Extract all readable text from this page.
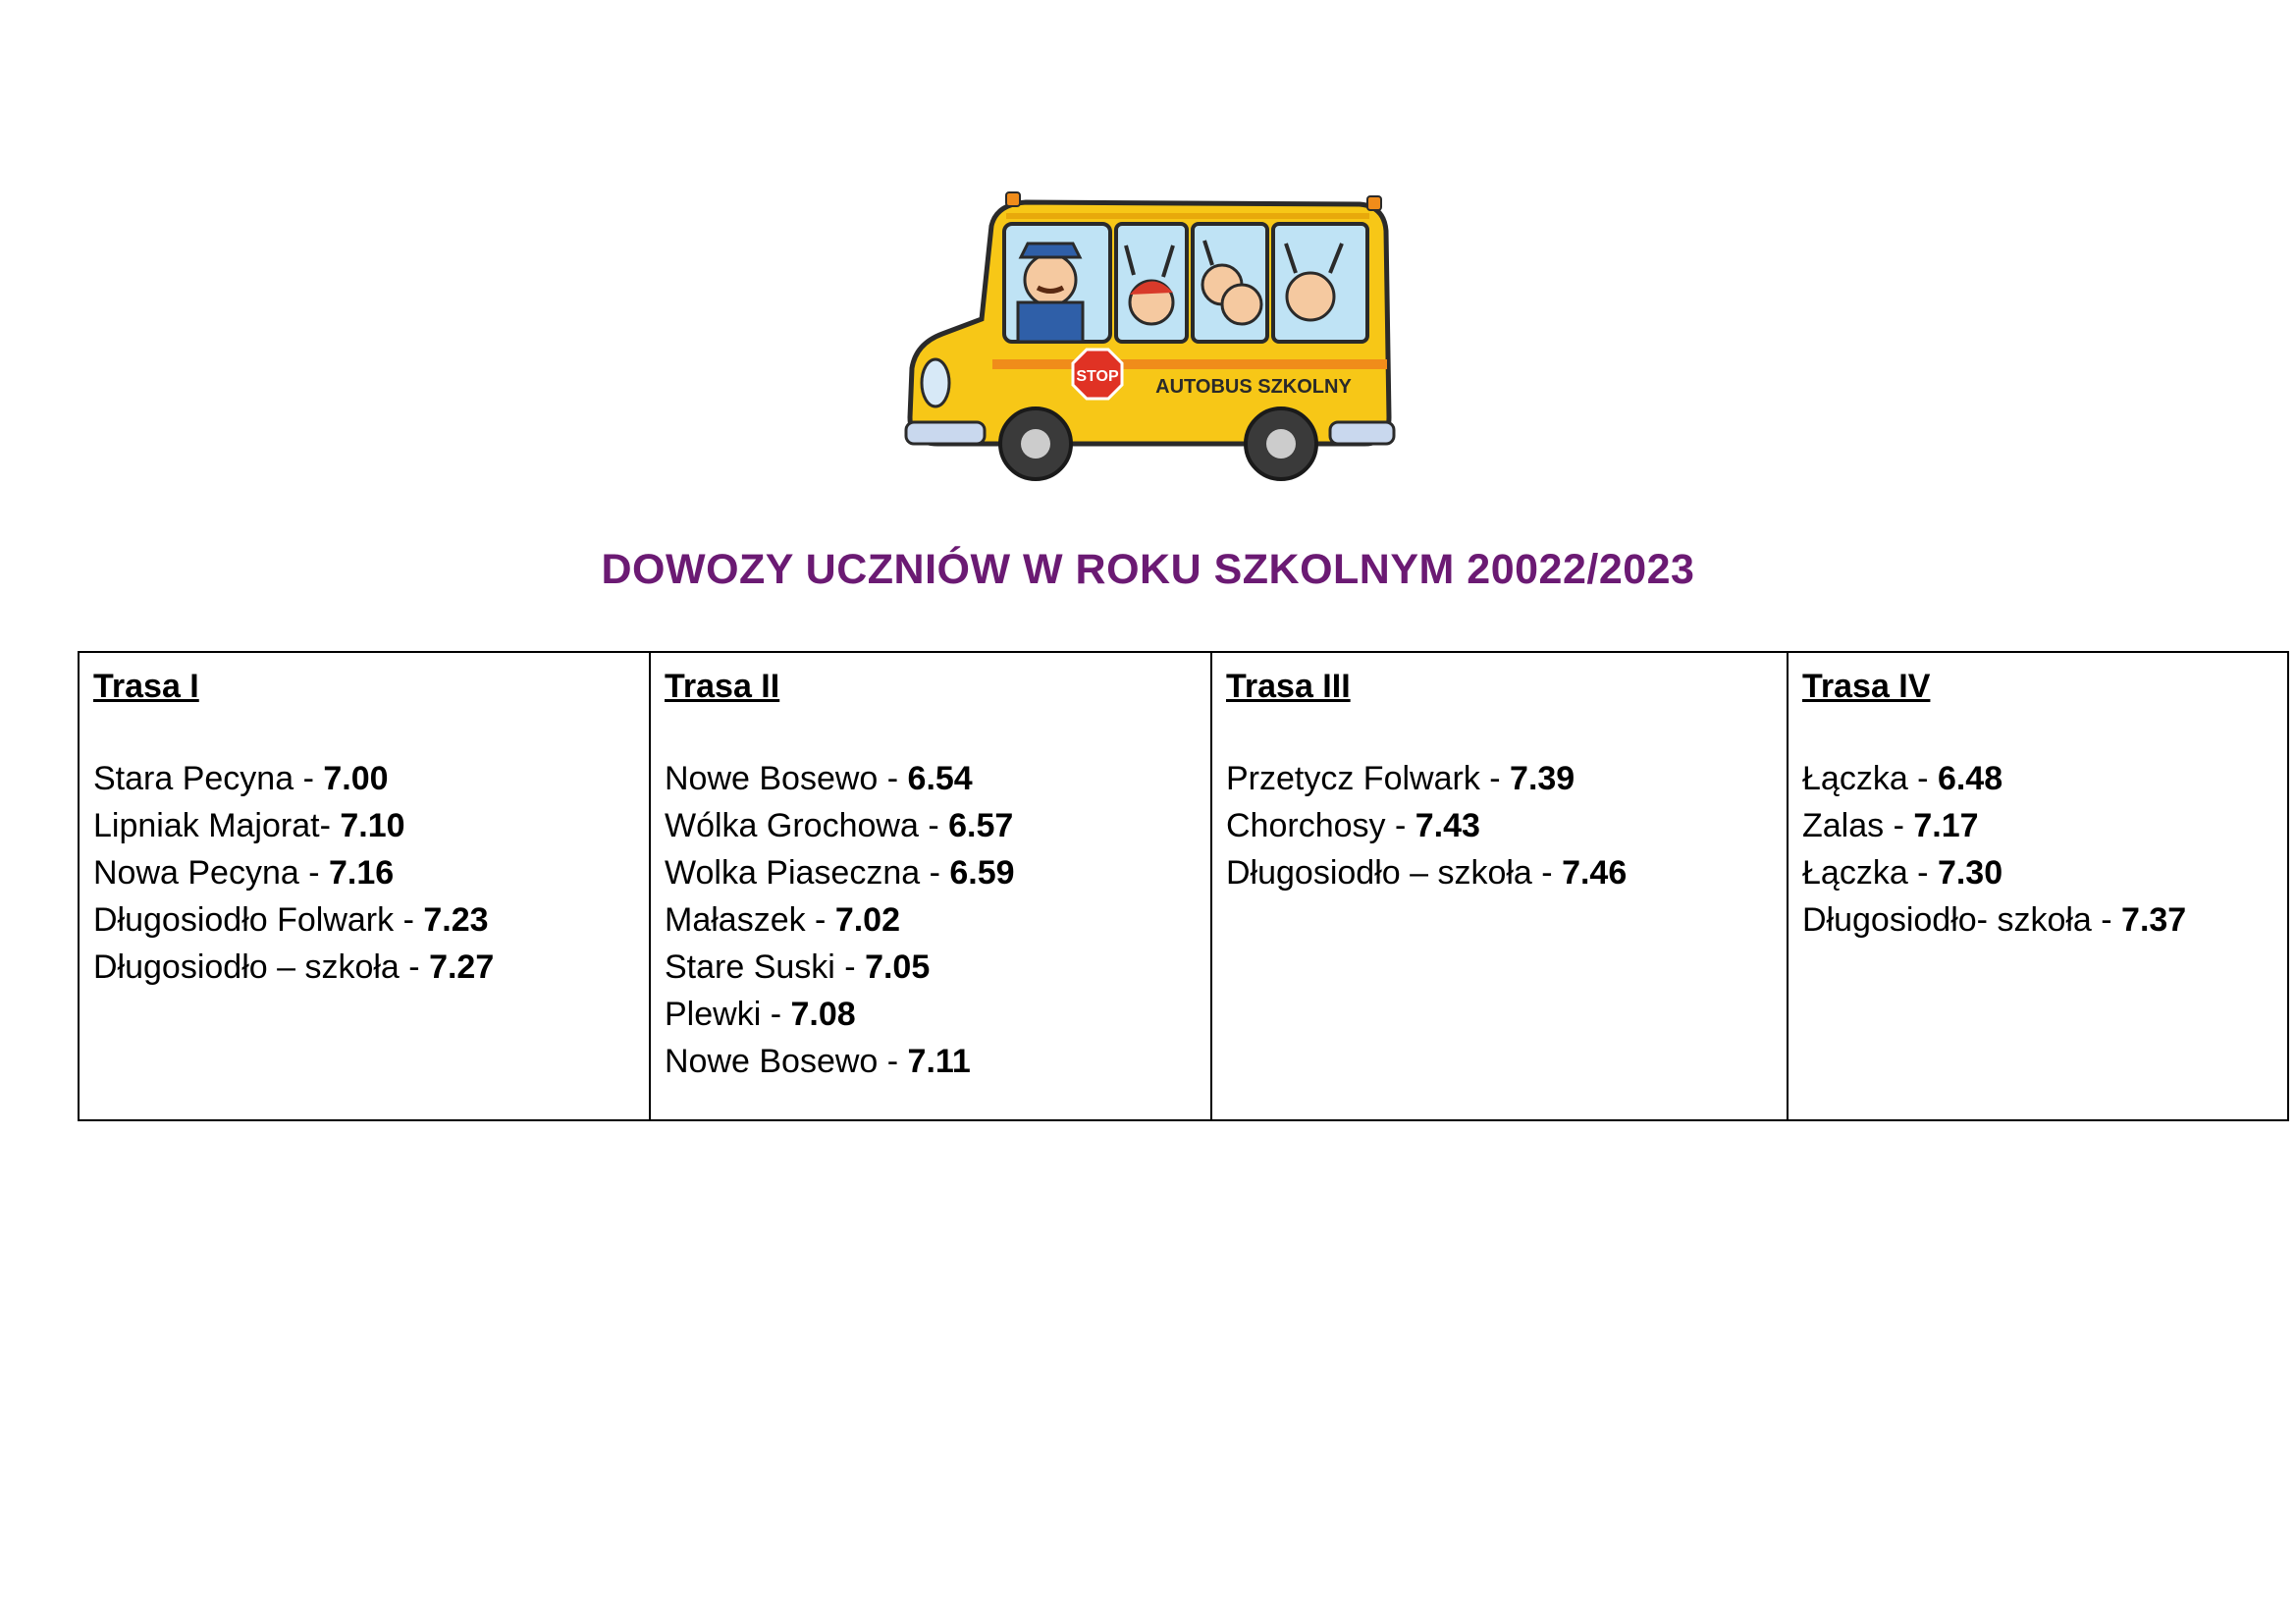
STOP AUTOBUS SZKOLNY
DOWOZY UCZNIÓW W ROKU SZKOLNYM 20022/2023
Trasa I
Stara Pecyna - 7.00
Lipniak Majorat- 7.10
Nowa Pecyna - 7.16
Długosiodło Folwark - 7.23
Długosiodło – szkoła - 7.27

Trasa II
Nowe Bosewo - 6.54
Wólka Grochowa - 6.57
Wolka Piaseczna - 6.59
Małaszek - 7.02
Stare Suski - 7.05
Plewki - 7.08
Nowe Bosewo - 7.11

Trasa III
Przetycz Folwark - 7.39
Chorchosy - 7.43
Długosiodło – szkoła - 7.46

Trasa IV
Łączka - 6.48
Zalas - 7.17
Łączka - 7.30
Długosiodło- szkoła - 7.37
